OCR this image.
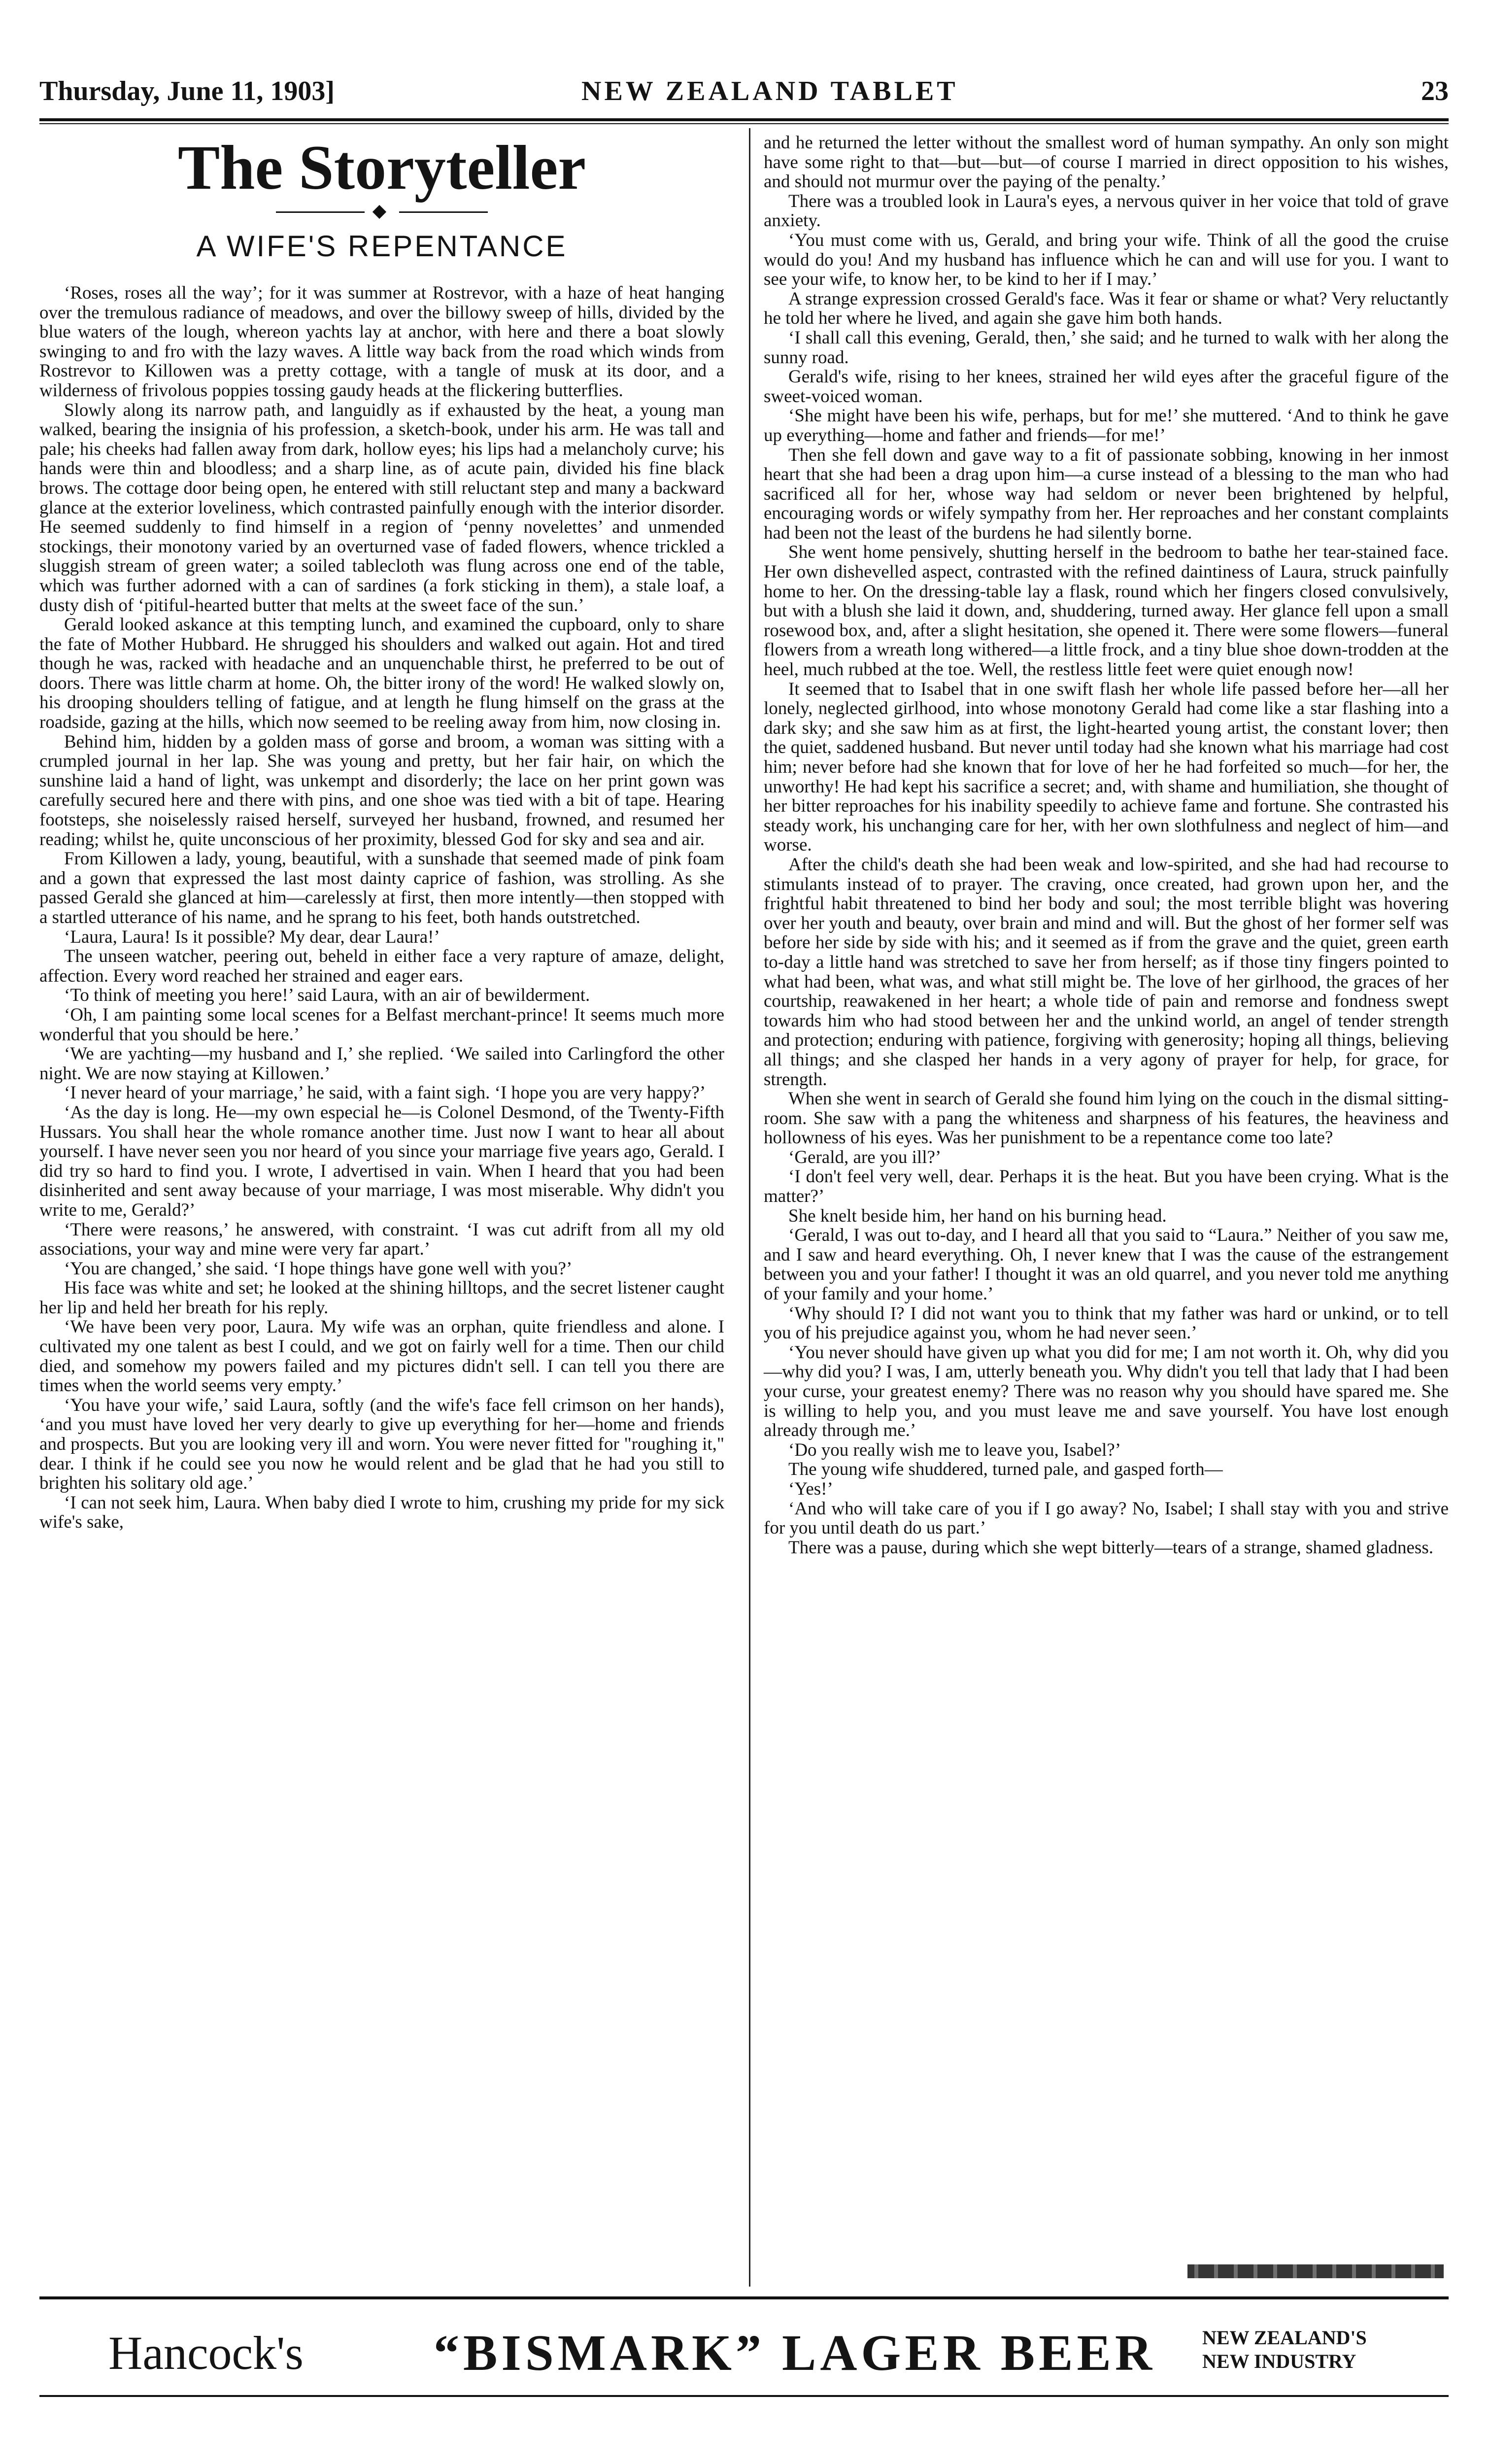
Thursday, June 11, 1903]	NEW ZEALAND TABLET	23
The Storyteller
A WIFE'S REPENTANCE

‘Roses, roses all the way’; for it was summer at Rostrevor, with a haze of heat hanging over the tremulous radiance of meadows, and over the billowy sweep of hills, divided by the blue waters of the lough, whereon yachts lay at anchor, with here and there a boat slowly swinging to and fro with the lazy waves. A little way back from the road which winds from Rostrevor to Killowen was a pretty cottage, with a tangle of musk at its door, and a wilderness of frivolous poppies tossing gaudy heads at the flickering butterflies.

Slowly along its narrow path, and languidly as if exhausted by the heat, a young man walked, bearing the insignia of his profession, a sketch-book, under his arm. He was tall and pale; his cheeks had fallen away from dark, hollow eyes; his lips had a melancholy curve; his hands were thin and bloodless; and a sharp line, as of acute pain, divided his fine black brows. The cottage door being open, he entered with still reluctant step and many a backward glance at the exterior loveliness, which contrasted painfully enough with the interior disorder. He seemed suddenly to find himself in a region of ‘penny novelettes’ and unmended stockings, their monotony varied by an overturned vase of faded flowers, whence trickled a sluggish stream of green water; a soiled tablecloth was flung across one end of the table, which was further adorned with a can of sardines (a fork sticking in them), a stale loaf, a dusty dish of ‘pitiful-hearted butter that melts at the sweet face of the sun.’

Gerald looked askance at this tempting lunch, and examined the cupboard, only to share the fate of Mother Hubbard. He shrugged his shoulders and walked out again. Hot and tired though he was, racked with headache and an unquenchable thirst, he preferred to be out of doors. There was little charm at home. Oh, the bitter irony of the word! He walked slowly on, his drooping shoulders telling of fatigue, and at length he flung himself on the grass at the roadside, gazing at the hills, which now seemed to be reeling away from him, now closing in.

Behind him, hidden by a golden mass of gorse and broom, a woman was sitting with a crumpled journal in her lap. She was young and pretty, but her fair hair, on which the sunshine laid a hand of light, was unkempt and disorderly; the lace on her print gown was carefully secured here and there with pins, and one shoe was tied with a bit of tape. Hearing footsteps, she noiselessly raised herself, surveyed her husband, frowned, and resumed her reading; whilst he, quite unconscious of her proximity, blessed God for sky and sea and air.

From Killowen a lady, young, beautiful, with a sunshade that seemed made of pink foam and a gown that expressed the last most dainty caprice of fashion, was strolling. As she passed Gerald she glanced at him—carelessly at first, then more intently—then stopped with a startled utterance of his name, and he sprang to his feet, both hands outstretched.

‘Laura, Laura! Is it possible? My dear, dear Laura!’

The unseen watcher, peering out, beheld in either face a very rapture of amaze, delight, affection. Every word reached her strained and eager ears.

‘To think of meeting you here!’ said Laura, with an air of bewilderment.

‘Oh, I am painting some local scenes for a Belfast merchant-prince! It seems much more wonderful that you should be here.’

‘We are yachting—my husband and I,’ she replied. ‘We sailed into Carlingford the other night. We are now staying at Killowen.’

‘I never heard of your marriage,’ he said, with a faint sigh. ‘I hope you are very happy?’

‘As the day is long. He—my own especial he—is Colonel Desmond, of the Twenty-Fifth Hussars. You shall hear the whole romance another time. Just now I want to hear all about yourself. I have never seen you nor heard of you since your marriage five years ago, Gerald. I did try so hard to find you. I wrote, I advertised in vain. When I heard that you had been disinherited and sent away because of your marriage, I was most miserable. Why didn't you write to me, Gerald?’

‘There were reasons,’ he answered, with constraint. ‘I was cut adrift from all my old associations, your way and mine were very far apart.’

‘You are changed,’ she said. ‘I hope things have gone well with you?’

His face was white and set; he looked at the shining hilltops, and the secret listener caught her lip and held her breath for his reply.

‘We have been very poor, Laura. My wife was an orphan, quite friendless and alone. I cultivated my one talent as best I could, and we got on fairly well for a time. Then our child died, and somehow my powers failed and my pictures didn't sell. I can tell you there are times when the world seems very empty.’

‘You have your wife,’ said Laura, softly (and the wife's face fell crimson on her hands), ‘and you must have loved her very dearly to give up everything for her—home and friends and prospects. But you are looking very ill and worn. You were never fitted for "roughing it," dear. I think if he could see you now he would relent and be glad that he had you still to brighten his solitary old age.’

‘I can not seek him, Laura. When baby died I wrote to him, crushing my pride for my sick wife's sake,

and he returned the letter without the smallest word of human sympathy. An only son might have some right to that—but—but—of course I married in direct opposition to his wishes, and should not murmur over the paying of the penalty.’

There was a troubled look in Laura's eyes, a nervous quiver in her voice that told of grave anxiety.

‘You must come with us, Gerald, and bring your wife. Think of all the good the cruise would do you! And my husband has influence which he can and will use for you. I want to see your wife, to know her, to be kind to her if I may.’

A strange expression crossed Gerald's face. Was it fear or shame or what? Very reluctantly he told her where he lived, and again she gave him both hands.

‘I shall call this evening, Gerald, then,’ she said; and he turned to walk with her along the sunny road.

Gerald's wife, rising to her knees, strained her wild eyes after the graceful figure of the sweet-voiced woman.

‘She might have been his wife, perhaps, but for me!’ she muttered. ‘And to think he gave up everything—home and father and friends—for me!’

Then she fell down and gave way to a fit of passionate sobbing, knowing in her inmost heart that she had been a drag upon him—a curse instead of a blessing to the man who had sacrificed all for her, whose way had seldom or never been brightened by helpful, encouraging words or wifely sympathy from her. Her reproaches and her constant complaints had been not the least of the burdens he had silently borne.

She went home pensively, shutting herself in the bedroom to bathe her tear-stained face. Her own dishevelled aspect, contrasted with the refined daintiness of Laura, struck painfully home to her. On the dressing-table lay a flask, round which her fingers closed convulsively, but with a blush she laid it down, and, shuddering, turned away. Her glance fell upon a small rosewood box, and, after a slight hesitation, she opened it. There were some flowers—funeral flowers from a wreath long withered—a little frock, and a tiny blue shoe down-trodden at the heel, much rubbed at the toe. Well, the restless little feet were quiet enough now!

It seemed that to Isabel that in one swift flash her whole life passed before her—all her lonely, neglected girlhood, into whose monotony Gerald had come like a star flashing into a dark sky; and she saw him as at first, the light-hearted young artist, the constant lover; then the quiet, saddened husband. But never until today had she known what his marriage had cost him; never before had she known that for love of her he had forfeited so much—for her, the unworthy! He had kept his sacrifice a secret; and, with shame and humiliation, she thought of her bitter reproaches for his inability speedily to achieve fame and fortune. She contrasted his steady work, his unchanging care for her, with her own slothfulness and neglect of him—and worse.

After the child's death she had been weak and low-spirited, and she had had recourse to stimulants instead of to prayer. The craving, once created, had grown upon her, and the frightful habit threatened to bind her body and soul; the most terrible blight was hovering over her youth and beauty, over brain and mind and will. But the ghost of her former self was before her side by side with his; and it seemed as if from the grave and the quiet, green earth to-day a little hand was stretched to save her from herself; as if those tiny fingers pointed to what had been, what was, and what still might be. The love of her girlhood, the graces of her courtship, reawakened in her heart; a whole tide of pain and remorse and fondness swept towards him who had stood between her and the unkind world, an angel of tender strength and protection; enduring with patience, forgiving with generosity; hoping all things, believing all things; and she clasped her hands in a very agony of prayer for help, for grace, for strength.

When she went in search of Gerald she found him lying on the couch in the dismal sitting-room. She saw with a pang the whiteness and sharpness of his features, the heaviness and hollowness of his eyes. Was her punishment to be a repentance come too late?

‘Gerald, are you ill?’

‘I don't feel very well, dear. Perhaps it is the heat. But you have been crying. What is the matter?’

She knelt beside him, her hand on his burning head.

‘Gerald, I was out to-day, and I heard all that you said to “Laura.” Neither of you saw me, and I saw and heard everything. Oh, I never knew that I was the cause of the estrangement between you and your father! I thought it was an old quarrel, and you never told me anything of your family and your home.’

‘Why should I? I did not want you to think that my father was hard or unkind, or to tell you of his prejudice against you, whom he had never seen.’

‘You never should have given up what you did for me; I am not worth it. Oh, why did you—why did you? I was, I am, utterly beneath you. Why didn't you tell that lady that I had been your curse, your greatest enemy? There was no reason why you should have spared me. She is willing to help you, and you must leave me and save yourself. You have lost enough already through me.’

‘Do you really wish me to leave you, Isabel?’

The young wife shuddered, turned pale, and gasped forth—

‘Yes!’

‘And who will take care of you if I go away? No, Isabel; I shall stay with you and strive for you until death do us part.’

There was a pause, during which she wept bitterly—tears of a strange, shamed gladness.

Hancock's	“BISMARK” LAGER BEER NEW ZEALAND'S
NEW INDUSTRY
